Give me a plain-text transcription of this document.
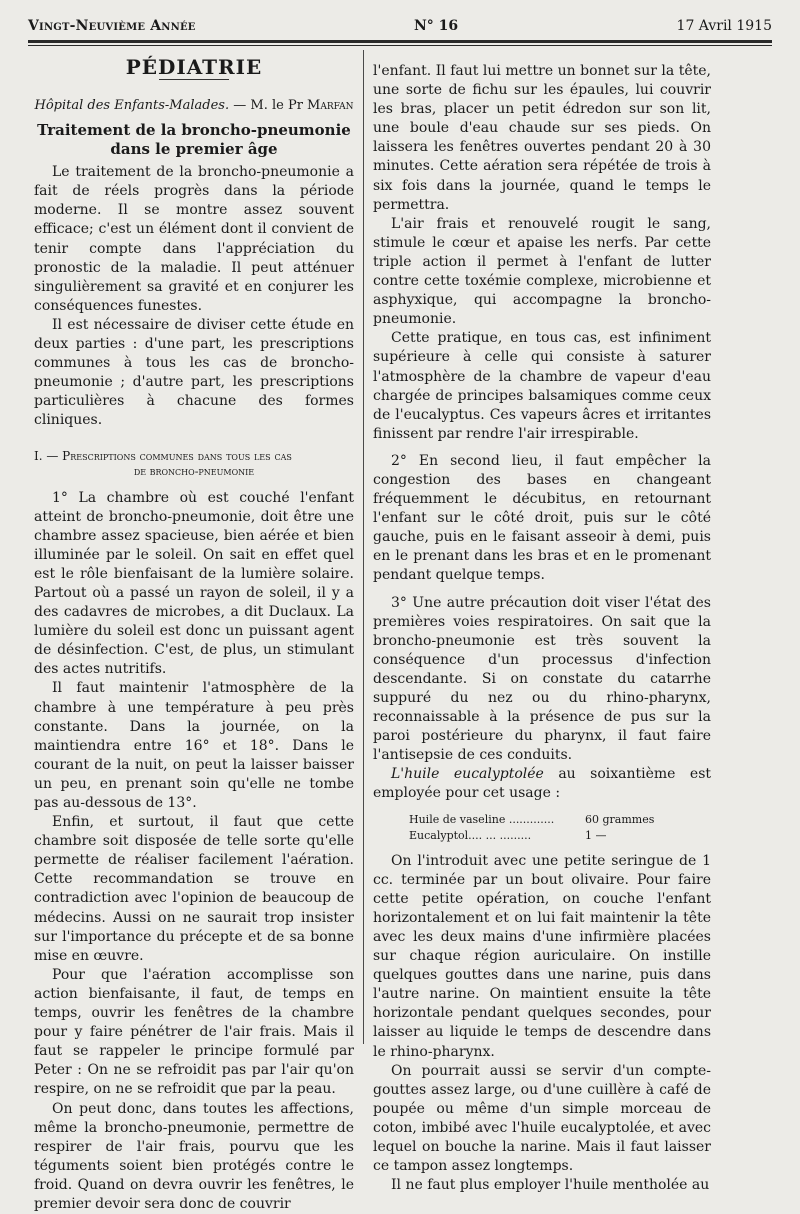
Vingt-Neuvième Année	N° 16	17 Avril 1915
PÉDIATRIE
Hôpital des Enfants-Malades. — M. le Pr Marfan
Traitement de la broncho-pneumonie
dans le premier âge

Le traitement de la broncho-pneumonie a fait de réels progrès dans la période moderne. Il se montre assez souvent efficace; c'est un élément dont il convient de tenir compte dans l'appréciation du pronostic de la maladie. Il peut atténuer singulièrement sa gravité et en conjurer les conséquences funestes.

Il est nécessaire de diviser cette étude en deux parties : d'une part, les prescriptions communes à tous les cas de broncho-pneumonie ; d'autre part, les prescriptions particulières à chacune des formes cliniques.

I. — Prescriptions communes dans tous les cas
de broncho-pneumonie

1° La chambre où est couché l'enfant atteint de broncho-pneumonie, doit être une chambre assez spacieuse, bien aérée et bien illuminée par le soleil. On sait en effet quel est le rôle bienfaisant de la lumière solaire. Partout où a passé un rayon de soleil, il y a des cadavres de microbes, a dit Duclaux. La lumière du soleil est donc un puissant agent de désinfection. C'est, de plus, un stimulant des actes nutritifs.

Il faut maintenir l'atmosphère de la chambre à une température à peu près constante. Dans la journée, on la maintiendra entre 16° et 18°. Dans le courant de la nuit, on peut la laisser baisser un peu, en prenant soin qu'elle ne tombe pas au-dessous de 13°.

Enfin, et surtout, il faut que cette chambre soit disposée de telle sorte qu'elle permette de réaliser facilement l'aération. Cette recommandation se trouve en contradiction avec l'opinion de beaucoup de médecins. Aussi on ne saurait trop insister sur l'importance du précepte et de sa bonne mise en œuvre.

Pour que l'aération accomplisse son action bienfaisante, il faut, de temps en temps, ouvrir les fenêtres de la chambre pour y faire pénétrer de l'air frais. Mais il faut se rappeler le principe formulé par Peter : On ne se refroidit pas par l'air qu'on respire, on ne se refroidit que par la peau.

On peut donc, dans toutes les affections, même la broncho-pneumonie, permettre de respirer de l'air frais, pourvu que les téguments soient bien protégés contre le froid. Quand on devra ouvrir les fenêtres, le premier devoir sera donc de couvrir

l'enfant. Il faut lui mettre un bonnet sur la tête, une sorte de fichu sur les épaules, lui couvrir les bras, placer un petit édredon sur son lit, une boule d'eau chaude sur ses pieds. On laissera les fenêtres ouvertes pendant 20 à 30 minutes. Cette aération sera répétée de trois à six fois dans la journée, quand le temps le permettra.

L'air frais et renouvelé rougit le sang, stimule le cœur et apaise les nerfs. Par cette triple action il permet à l'enfant de lutter contre cette toxémie complexe, microbienne et asphyxique, qui accompagne la broncho-pneumonie.

Cette pratique, en tous cas, est infiniment supérieure à celle qui consiste à saturer l'atmosphère de la chambre de vapeur d'eau chargée de principes balsamiques comme ceux de l'eucalyptus. Ces vapeurs âcres et irritantes finissent par rendre l'air irrespirable.

2° En second lieu, il faut empêcher la congestion des bases en changeant fréquemment le décubitus, en retournant l'enfant sur le côté droit, puis sur le côté gauche, puis en le faisant asseoir à demi, puis en le prenant dans les bras et en le promenant pendant quelque temps.

3° Une autre précaution doit viser l'état des premières voies respiratoires. On sait que la broncho-pneumonie est très souvent la conséquence d'un processus d'infection descendante. Si on constate du catarrhe suppuré du nez ou du rhino-pharynx, reconnaissable à la présence de pus sur la paroi postérieure du pharynx, il faut faire l'antisepsie de ces conduits.

L'huile eucalyptolée au soixantième est employée pour cet usage :

Huile de vaseline .............	60 grammes
Eucalyptol.... ... .........	1 —

On l'introduit avec une petite seringue de 1 cc. terminée par un bout olivaire. Pour faire cette petite opération, on couche l'enfant horizontalement et on lui fait maintenir la tête avec les deux mains d'une infirmière placées sur chaque région auriculaire. On instille quelques gouttes dans une narine, puis dans l'autre narine. On maintient ensuite la tête horizontale pendant quelques secondes, pour laisser au liquide le temps de descendre dans le rhino-pharynx.

On pourrait aussi se servir d'un compte-gouttes assez large, ou d'une cuillère à café de poupée ou même d'un simple morceau de coton, imbibé avec l'huile eucalyptolée, et avec lequel on bouche la narine. Mais il faut laisser ce tampon assez longtemps.

Il ne faut plus employer l'huile mentholée au
